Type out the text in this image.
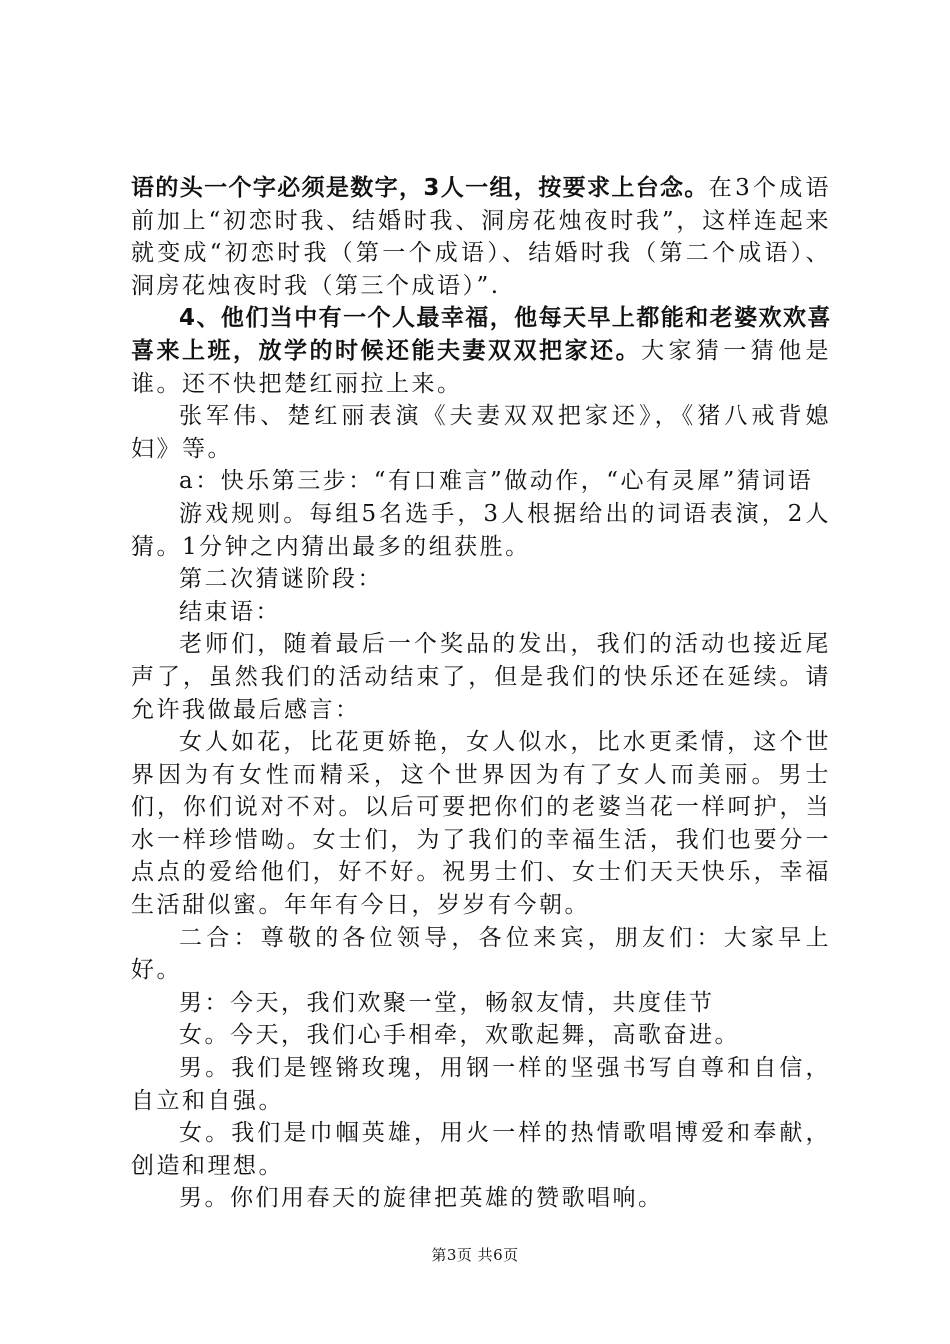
语的头一个字必须是数字，3人一组，按要求上台念。在3个成语前加上“初恋时我、结婚时我、洞房花烛夜时我”，这样连起来就变成“初恋时我（第一个成语）、结婚时我（第二个成语）、洞房花烛夜时我（第三个成语）”.

4、他们当中有一个人最幸福，他每天早上都能和老婆欢欢喜喜来上班，放学的时候还能夫妻双双把家还。大家猜一猜他是谁。还不快把楚红丽拉上来。

张军伟、楚红丽表演《夫妻双双把家还》，《猪八戒背媳妇》等。

a：快乐第三步：“有口难言”做动作，“心有灵犀”猜词语

游戏规则。每组5名选手，3人根据给出的词语表演，2人猜。1分钟之内猜出最多的组获胜。

第二次猜谜阶段：

结束语：

老师们，随着最后一个奖品的发出，我们的活动也接近尾声了，虽然我们的活动结束了，但是我们的快乐还在延续。请允许我做最后感言：

女人如花，比花更娇艳，女人似水，比水更柔情，这个世界因为有女性而精采，这个世界因为有了女人而美丽。男士们，你们说对不对。以后可要把你们的老婆当花一样呵护，当水一样珍惜呦。女士们，为了我们的幸福生活，我们也要分一点点的爱给他们，好不好。祝男士们、女士们天天快乐，幸福生活甜似蜜。年年有今日，岁岁有今朝。

二合：尊敬的各位领导，各位来宾，朋友们：大家早上好。

男：今天，我们欢聚一堂，畅叙友情，共度佳节

女。今天，我们心手相牵，欢歌起舞，高歌奋进。

男。我们是铿锵玫瑰，用钢一样的坚强书写自尊和自信，自立和自强。

女。我们是巾帼英雄，用火一样的热情歌唱博爱和奉献，创造和理想。

男。你们用春天的旋律把英雄的赞歌唱响。

第3页 共6页
